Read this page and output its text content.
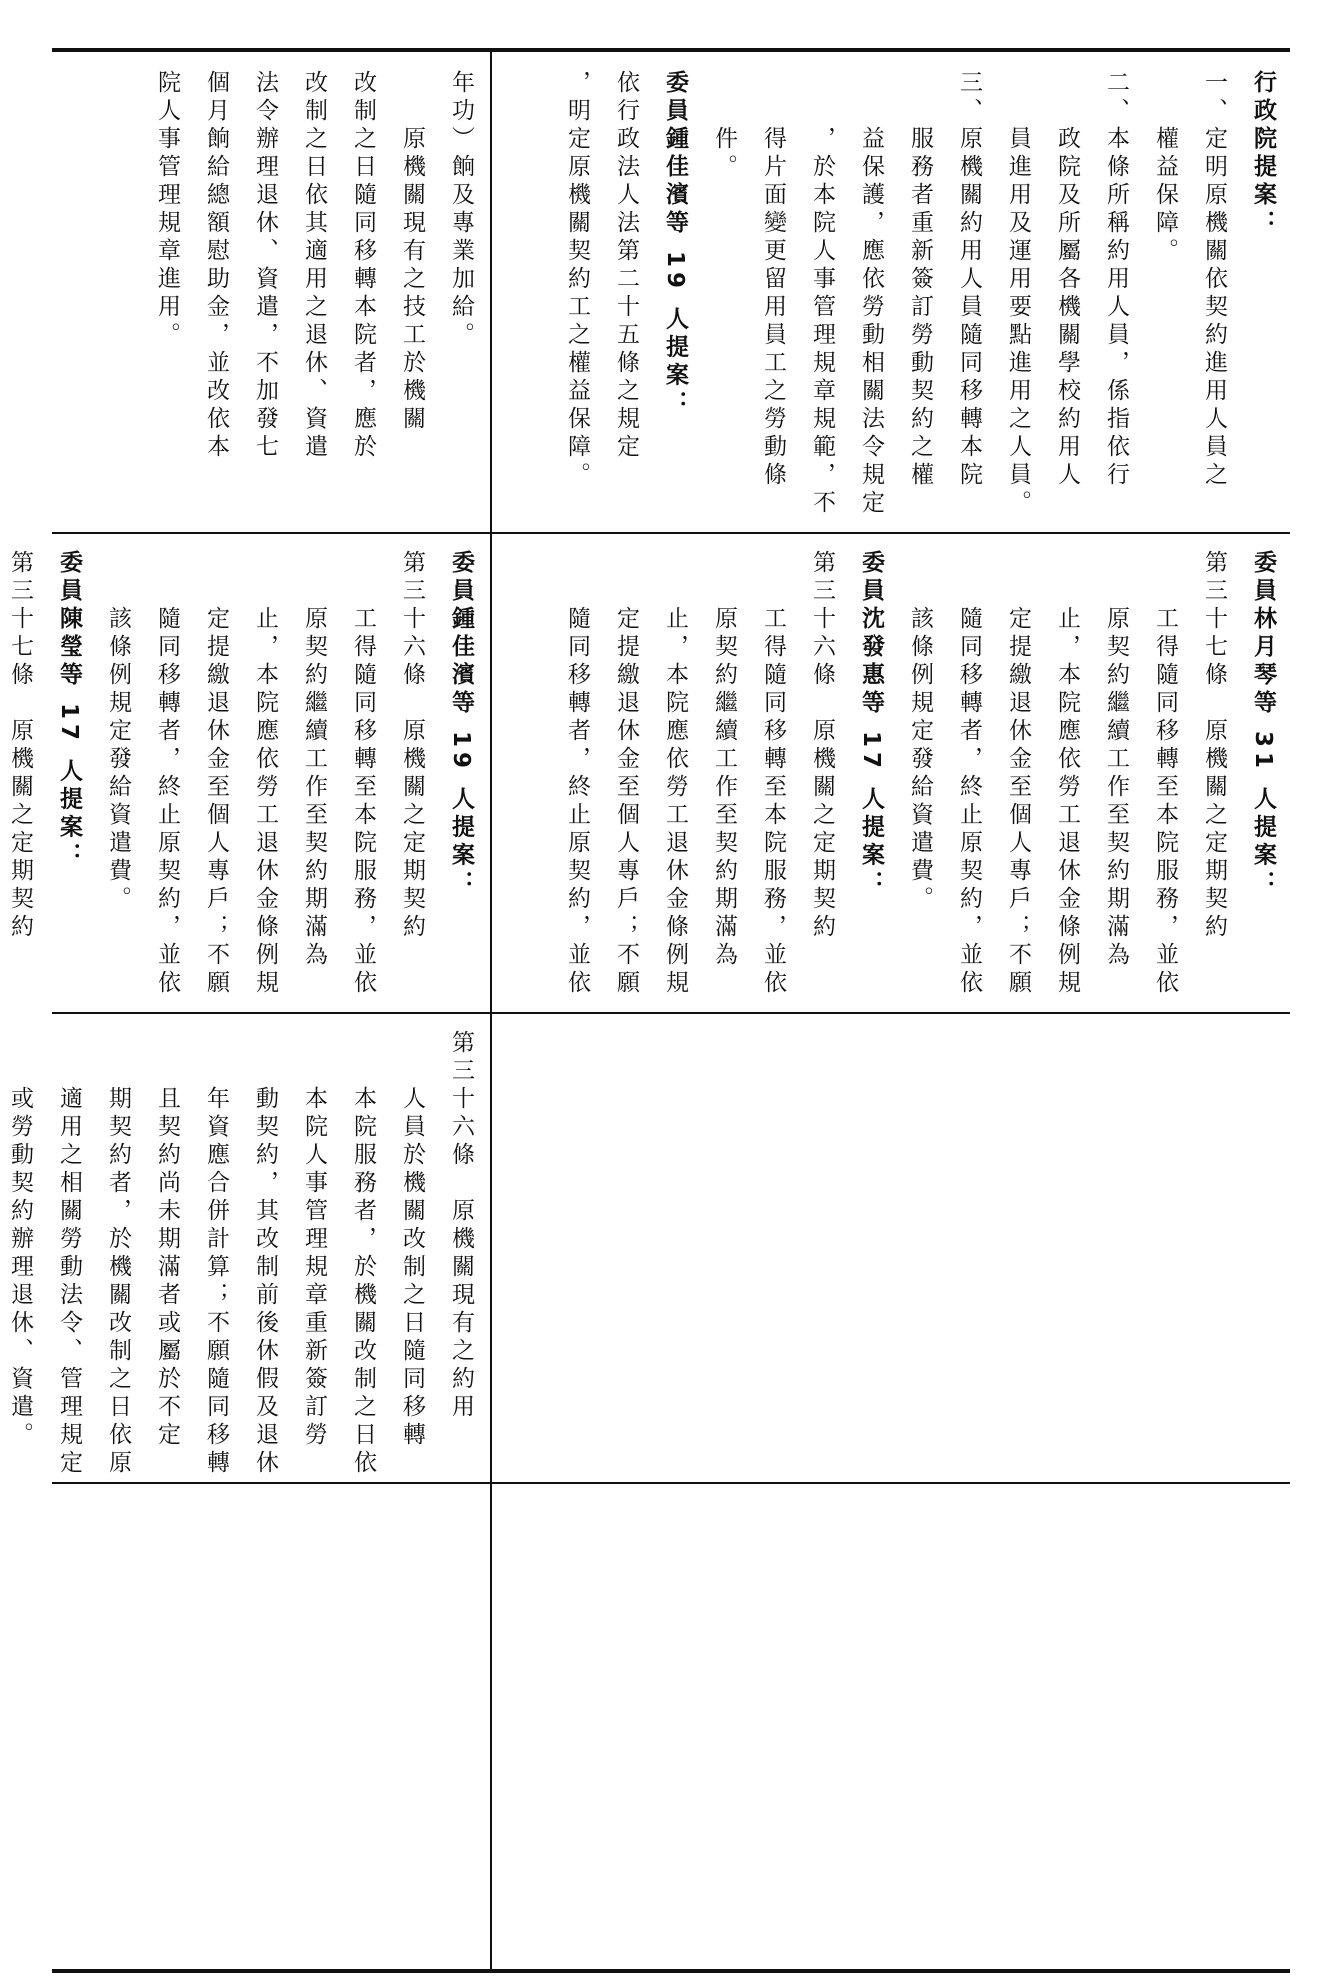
年功）餉及專業加給。
　　原機關現有之技工於機關
改制之日隨同移轉本院者，應於
改制之日依其適用之退休、資遣
法令辦理退休、資遣，不加發七
個月餉給總額慰助金，並改依本
院人事管理規章進用。	行政院提案：
一、定明原機關依契約進用人員之
　　權益保障。
二、本條所稱約用人員，係指依行
　　政院及所屬各機關學校約用人
　　員進用及運用要點進用之人員。
三、原機關約用人員隨同移轉本院
　　服務者重新簽訂勞動契約之權
　　益保護，應依勞動相關法令規定
　　，於本院人事管理規章規範，不
　　得片面變更留用員工之勞動條
　　件。
委員鍾佳濱等 19 人提案：
依行政法人法第二十五條之規定
，明定原機關契約工之權益保障。
委員鍾佳濱等 19 人提案：
第三十六條　原機關之定期契約
　　工得隨同移轉至本院服務，並依
　　原契約繼續工作至契約期滿為
　　止，本院應依勞工退休金條例規
　　定提繳退休金至個人專戶；不願
　　隨同移轉者，終止原契約，並依
　　該條例規定發給資遣費。
委員陳瑩等 17 人提案：
第三十七條　原機關之定期契約	委員林月琴等 31 人提案：
第三十七條　原機關之定期契約
　　工得隨同移轉至本院服務，並依
　　原契約繼續工作至契約期滿為
　　止，本院應依勞工退休金條例規
　　定提繳退休金至個人專戶；不願
　　隨同移轉者，終止原契約，並依
　　該條例規定發給資遣費。
委員沈發惠等 17 人提案：
第三十六條　原機關之定期契約
　　工得隨同移轉至本院服務，並依
　　原契約繼續工作至契約期滿為
　　止，本院應依勞工退休金條例規
　　定提繳退休金至個人專戶；不願
　　隨同移轉者，終止原契約，並依
第三十六條　原機關現有之約用
　　人員於機關改制之日隨同移轉
　　本院服務者，於機關改制之日依
　　本院人事管理規章重新簽訂勞
　　動契約，其改制前後休假及退休
　　年資應合併計算；不願隨同移轉
　　且契約尚未期滿者或屬於不定
　　期契約者，於機關改制之日依原
　　適用之相關勞動法令、管理規定
　　或勞動契約辦理退休、資遣。
